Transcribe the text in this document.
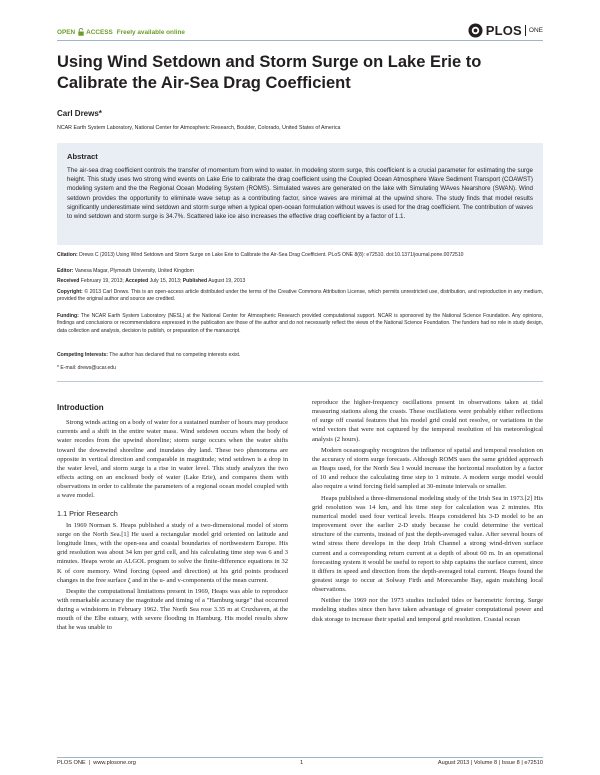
OPEN ACCESS Freely available online	PLOS ONE
Using Wind Setdown and Storm Surge on Lake Erie to Calibrate the Air-Sea Drag Coefficient
Carl Drews*
NCAR Earth System Laboratory, National Center for Atmospheric Research, Boulder, Colorado, United States of America
Abstract
The air-sea drag coefficient controls the transfer of momentum from wind to water. In modeling storm surge, this coefficient is a crucial parameter for estimating the surge height. This study uses two strong wind events on Lake Erie to calibrate the drag coefficient using the Coupled Ocean Atmosphere Wave Sediment Transport (COAWST) modeling system and the the Regional Ocean Modeling System (ROMS). Simulated waves are generated on the lake with Simulating WAves Nearshore (SWAN). Wind setdown provides the opportunity to eliminate wave setup as a contributing factor, since waves are minimal at the upwind shore. The study finds that model results significantly underestimate wind setdown and storm surge when a typical open-ocean formulation without waves is used for the drag coefficient. The contribution of waves to wind setdown and storm surge is 34.7%. Scattered lake ice also increases the effective drag coefficient by a factor of 1.1.
Citation: Drews C (2013) Using Wind Setdown and Storm Surge on Lake Erie to Calibrate the Air-Sea Drag Coefficient. PLoS ONE 8(8): e72510. doi:10.1371/journal.pone.0072510
Editor: Vanesa Magar, Plymouth University, United Kingdom
Received February 19, 2013; Accepted July 15, 2013; Published August 19, 2013
Copyright: © 2013 Carl Drews. This is an open-access article distributed under the terms of the Creative Commons Attribution License, which permits unrestricted use, distribution, and reproduction in any medium, provided the original author and source are credited.
Funding: The NCAR Earth System Laboratory (NESL) at the National Center for Atmospheric Research provided computational support. NCAR is sponsored by the National Science Foundation. Any opinions, findings and conclusions or recommendations expressed in the publication are those of the author and do not necessarily reflect the views of the National Science Foundation. The funders had no role in study design, data collection and analysis, decision to publish, or preparation of the manuscript.
Competing Interests: The author has declared that no competing interests exist.
* E-mail: drews@ucar.edu
Introduction

Strong winds acting on a body of water for a sustained number of hours may produce currents and a shift in the entire water mass. Wind setdown occurs when the body of water recedes from the upwind shoreline; storm surge occurs when the water shifts toward the downwind shoreline and inundates dry land. These two phenomena are opposite in vertical direction and comparable in magnitude; wind setdown is a drop in the water level, and storm surge is a rise in water level. This study analyzes the two effects acting on an enclosed body of water (Lake Erie), and compares them with observations in order to calibrate the parameters of a regional ocean model coupled with a wave model.

1.1 Prior Research

In 1969 Norman S. Heaps published a study of a two-dimensional model of storm surge on the North Sea.[1] He used a rectangular model grid oriented on latitude and longitude lines, with the open-sea and coastal boundaries of northwestern Europe. His grid resolution was about 34 km per grid cell, and his calculating time step was 6 and 3 minutes. Heaps wrote an ALGOL program to solve the finite-difference equations in 32 K of core memory. Wind forcing (speed and direction) at his grid points produced changes in the free surface ζ and in the u- and v-components of the mean current.

Despite the computational limitations present in 1969, Heaps was able to reproduce with remarkable accuracy the magnitude and timing of a "Hamburg surge" that occurred during a windstorm in February 1962. The North Sea rose 3.35 m at Cruxhaven, at the mouth of the Elbe estuary, with severe flooding in Hamburg. His model results show that he was unable to

reproduce the higher-frequency oscillations present in observations taken at tidal measuring stations along the coasts. These oscillations were probably either reflections of surge off coastal features that his model grid could not resolve, or variations in the wind vectors that were not captured by the temporal resolution of his meteorological analysis (2 hours).

Modern oceanography recognizes the influence of spatial and temporal resolution on the accuracy of storm surge forecasts. Although ROMS uses the same gridded approach as Heaps used, for the North Sea I would increase the horizontal resolution by a factor of 10 and reduce the calculating time step to 1 minute. A modern surge model would also require a wind forcing field sampled at 30-minute intervals or smaller.

Heaps published a three-dimensional modeling study of the Irish Sea in 1973.[2] His grid resolution was 14 km, and his time step for calculation was 2 minutes. His numerical model used four vertical levels. Heaps considered his 3-D model to be an improvement over the earlier 2-D study because he could determine the vertical structure of the currents, instead of just the depth-averaged value. After several hours of wind stress there develops in the deep Irish Channel a strong wind-driven surface current and a corresponding return current at a depth of about 60 m. In an operational forecasting system it would be useful to report to ship captains the surface current, since it differs in speed and direction from the depth-averaged total current. Heaps found the greatest surge to occur at Solway Firth and Morecambe Bay, again matching local observations.

Neither the 1969 nor the 1973 studies included tides or barometric forcing. Surge modeling studies since then have taken advantage of greater computational power and disk storage to increase their spatial and temporal grid resolution. Coastal ocean

PLOS ONE  |  www.plosone.org	1	August 2013 | Volume 8 | Issue 8 | e72510
